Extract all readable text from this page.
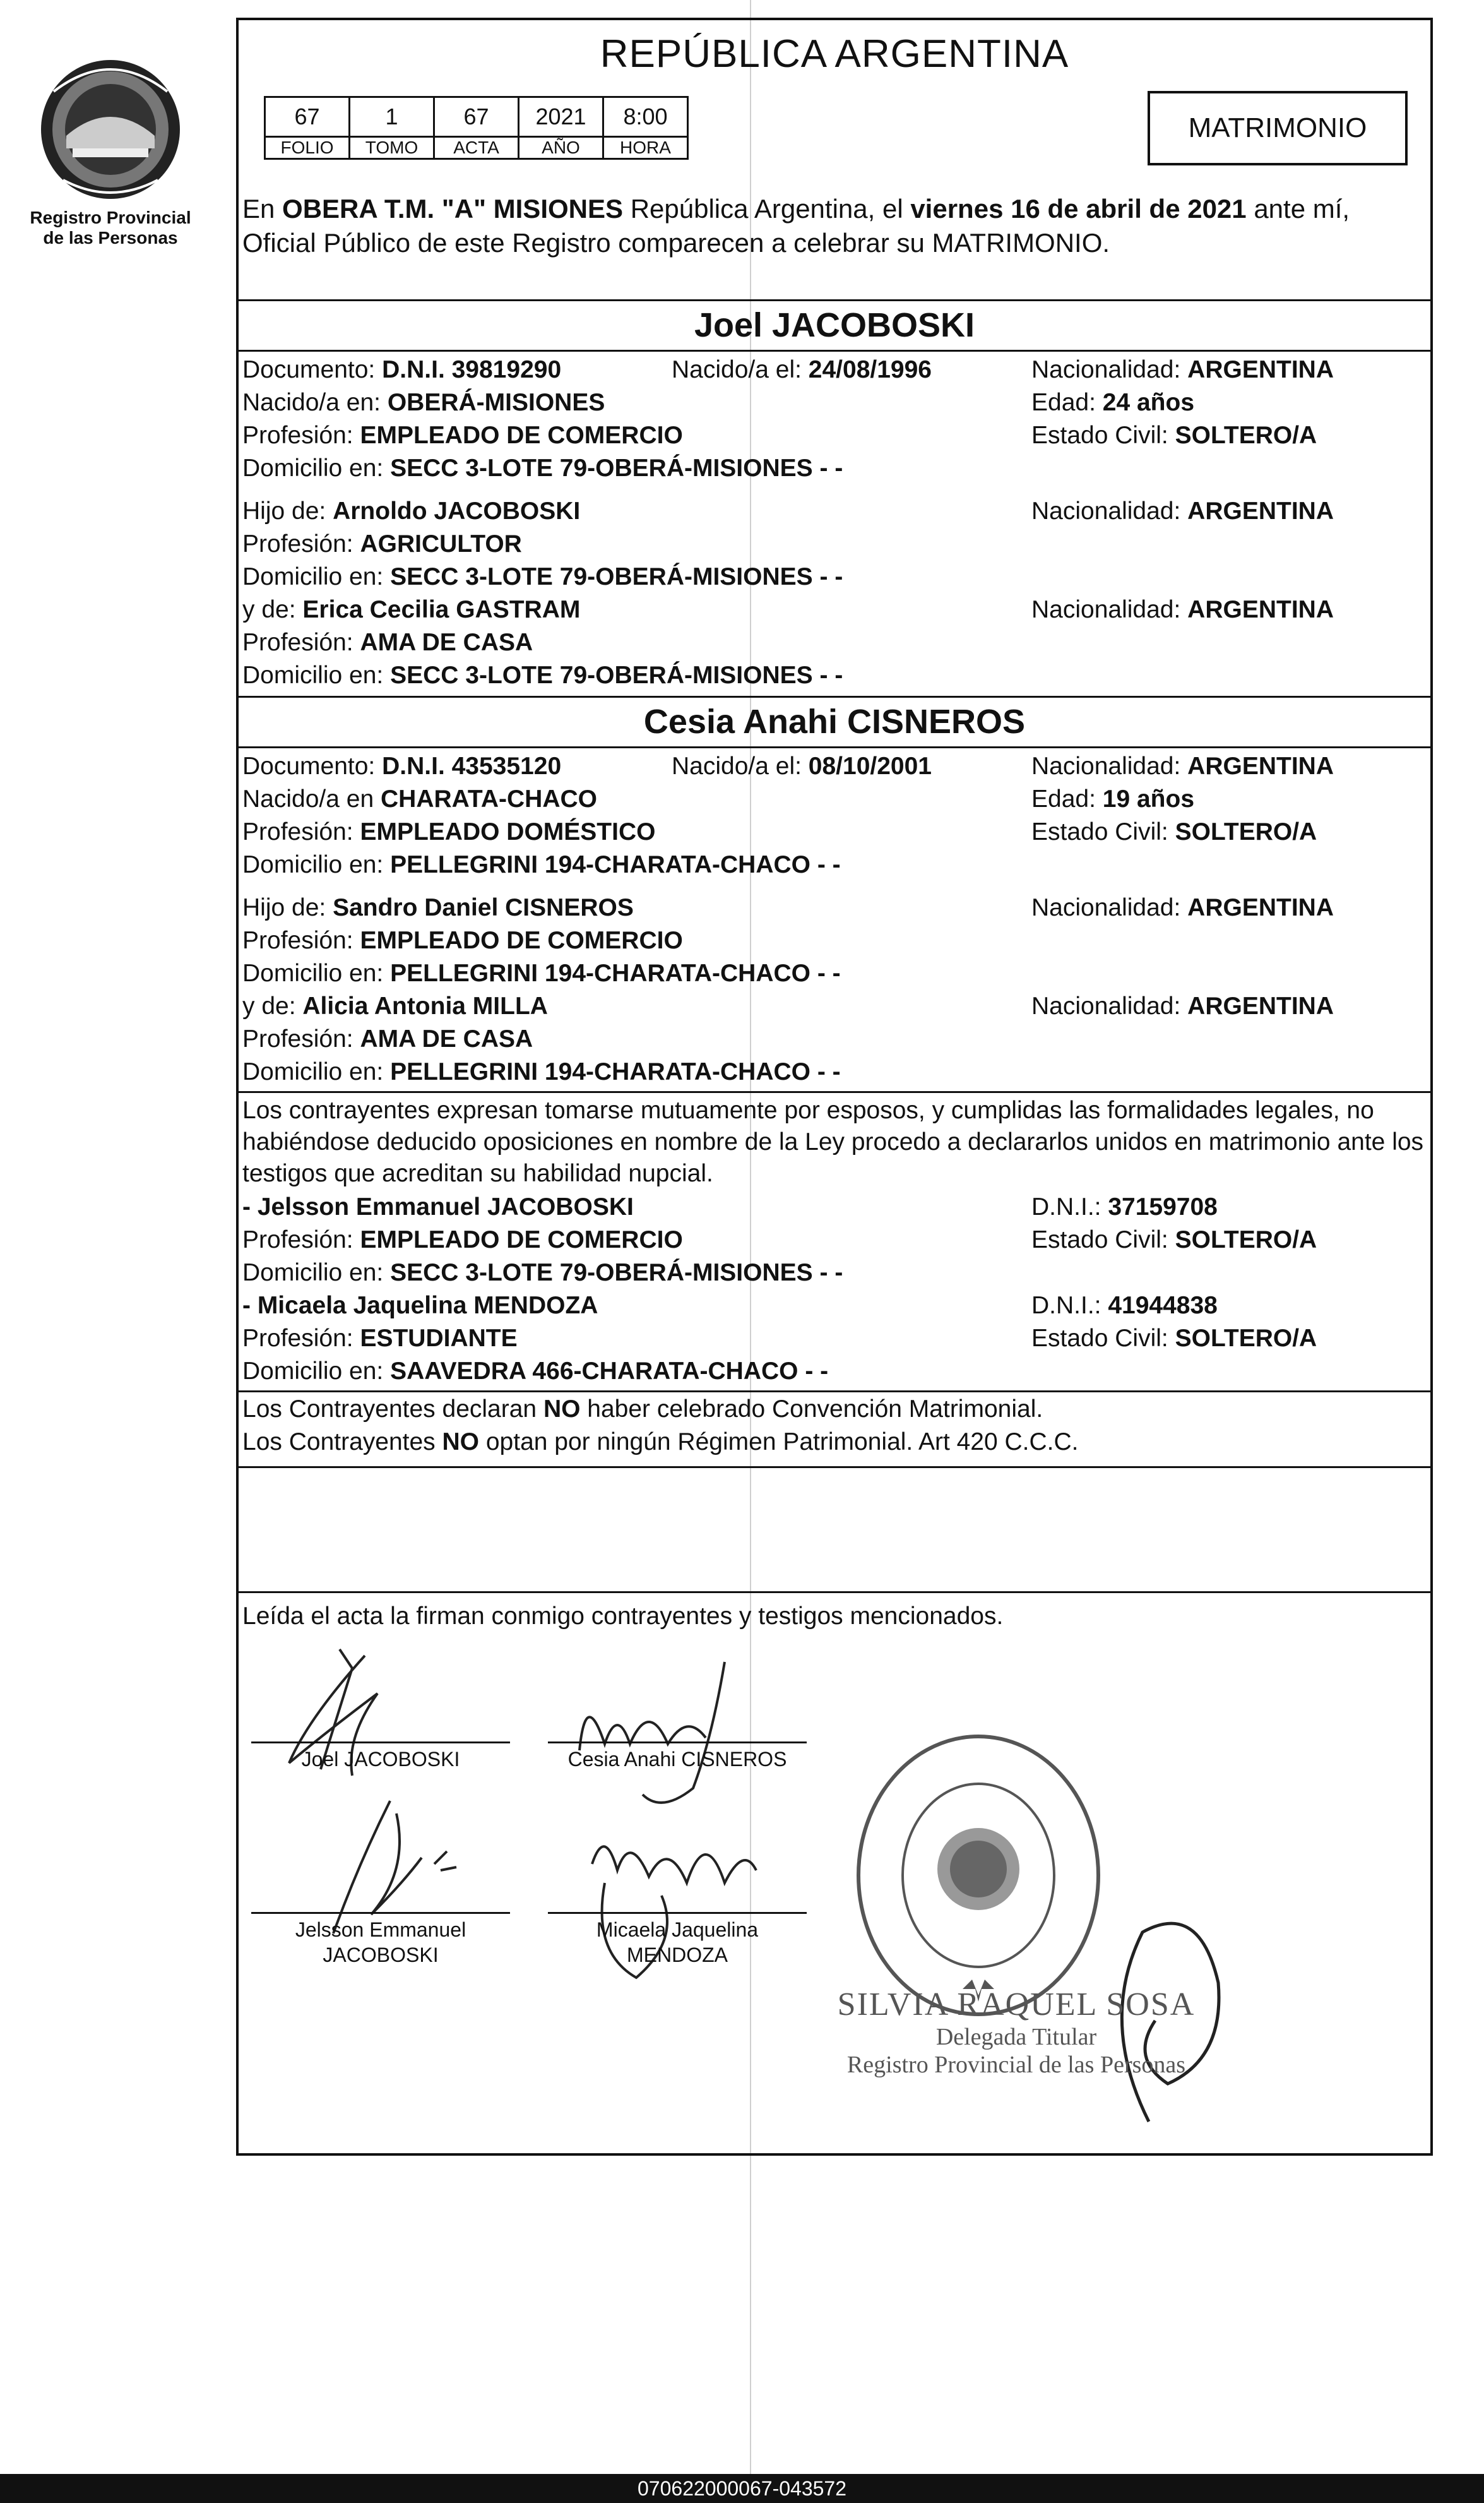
Registro Provincial de las Personas
REPÚBLICA ARGENTINA
67	1	67	2021	8:00
FOLIO	TOMO	ACTA	AÑO	HORA
MATRIMONIO
En OBERA T.M. "A" MISIONES República Argentina, el viernes 16 de abril de 2021 ante mí, Oficial Público de este Registro comparecen a celebrar su MATRIMONIO.
Joel JACOBOSKI
Documento: D.N.I. 39819290	Nacido/a el: 24/08/1996	Nacionalidad: ARGENTINA
Nacido/a en: OBERÁ-MISIONES	Edad: 24 años
Profesión: EMPLEADO DE COMERCIO	Estado Civil: SOLTERO/A
Domicilio en: SECC 3-LOTE 79-OBERÁ-MISIONES - -
Hijo de: Arnoldo JACOBOSKI	Nacionalidad: ARGENTINA
Profesión: AGRICULTOR
Domicilio en: SECC 3-LOTE 79-OBERÁ-MISIONES - -
y de: Erica Cecilia GASTRAM	Nacionalidad: ARGENTINA
Profesión: AMA DE CASA
Domicilio en: SECC 3-LOTE 79-OBERÁ-MISIONES - -
Cesia Anahi CISNEROS
Documento: D.N.I. 43535120	Nacido/a el: 08/10/2001	Nacionalidad: ARGENTINA
Nacido/a en CHARATA-CHACO	Edad: 19 años
Profesión: EMPLEADO DOMÉSTICO	Estado Civil: SOLTERO/A
Domicilio en: PELLEGRINI 194-CHARATA-CHACO - -
Hijo de: Sandro Daniel CISNEROS	Nacionalidad: ARGENTINA
Profesión: EMPLEADO DE COMERCIO
Domicilio en: PELLEGRINI 194-CHARATA-CHACO - -
y de: Alicia Antonia MILLA	Nacionalidad: ARGENTINA
Profesión: AMA DE CASA
Domicilio en: PELLEGRINI 194-CHARATA-CHACO - -
Los contrayentes expresan tomarse mutuamente por esposos, y cumplidas las formalidades legales, no habiéndose deducido oposiciones en nombre de la Ley procedo a declararlos unidos en matrimonio ante los testigos que acreditan su habilidad nupcial.
- Jelsson Emmanuel JACOBOSKI	D.N.I.: 37159708
Profesión: EMPLEADO DE COMERCIO	Estado Civil: SOLTERO/A
Domicilio en: SECC 3-LOTE 79-OBERÁ-MISIONES - -
- Micaela Jaquelina MENDOZA	D.N.I.: 41944838
Profesión: ESTUDIANTE	Estado Civil: SOLTERO/A
Domicilio en: SAAVEDRA 466-CHARATA-CHACO - -
Los Contrayentes declaran NO haber celebrado Convención Matrimonial.
Los Contrayentes NO optan por ningún Régimen Patrimonial. Art 420 C.C.C.
Leída el acta la firman conmigo contrayentes y testigos mencionados.
Joel JACOBOSKI	Cesia Anahi CISNEROS
Jelsson Emmanuel
JACOBOSKI
Micaela Jaquelina
MENDOZA
SILVIA RAQUEL SOSA
Delegada Titular
Registro Provincial de las Personas
070622000067-043572
